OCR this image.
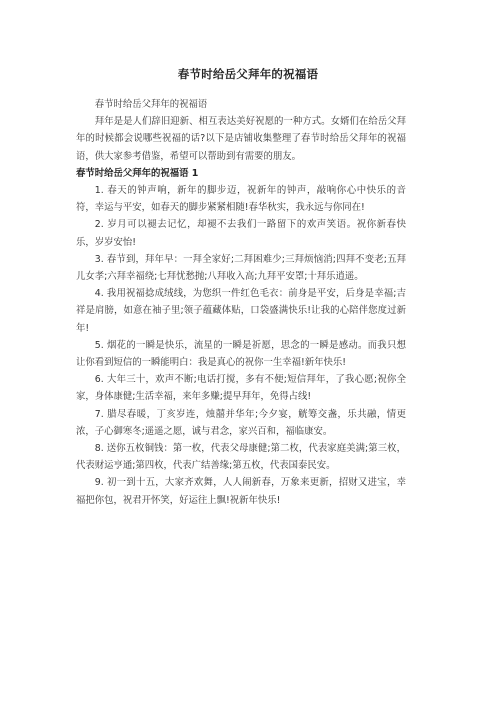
春节时给岳父拜年的祝福语

春节时给岳父拜年的祝福语

拜年是是人们辞旧迎新、相互表达美好祝愿的一种方式。女婿们在给岳父拜年的时候都会说哪些祝福的话?以下是店铺收集整理了春节时给岳父拜年的祝福语，供大家参考借鉴，希望可以帮助到有需要的朋友。

春节时给岳父拜年的祝福语 1

1. 春天的钟声响，新年的脚步迈，祝新年的钟声，敲响你心中快乐的音符，幸运与平安，如春天的脚步紧紧相随!春华秋实，我永远与你同在!

2. 岁月可以褪去记忆，却褪不去我们一路留下的欢声笑语。祝你新春快乐，岁岁安怡!

3. 春节到，拜年早：一拜全家好;二拜困难少;三拜烦恼消;四拜不变老;五拜儿女孝;六拜幸福绕;七拜忧愁抛;八拜收入高;九拜平安罩;十拜乐逍遥。

4. 我用祝福捻成绒线，为您织一件红色毛衣：前身是平安，后身是幸福;吉祥是肩膀，如意在袖子里;领子蕴藏体贴，口袋盛满快乐!让我的心陪伴您度过新年!

5. 烟花的一瞬是快乐，流星的一瞬是祈愿，思念的一瞬是感动。而我只想让你看到短信的一瞬能明白：我是真心的祝你一生幸福!新年快乐!

6. 大年三十，欢声不断;电话打搅，多有不便;短信拜年，了我心愿;祝你全家，身体康健;生活幸福，来年多赚;提早拜年，免得占线!

7. 腊尽春暖，丁亥岁连，烛囍并华年;今夕宴，觥筹交盏，乐共融，情更浓，子心御寒冬;遥遥之愿，诚与君念，家兴百和，福临康安。

8. 送你五枚铜钱：第一枚，代表父母康健;第二枚，代表家庭美满;第三枚，代表财运亨通;第四枚，代表广结善缘;第五枚，代表国泰民安。

9. 初一到十五，大家齐欢舞，人人闹新春，万象来更新，招财又进宝，幸福把你包，祝君开怀笑，好运往上飘!祝新年快乐!
